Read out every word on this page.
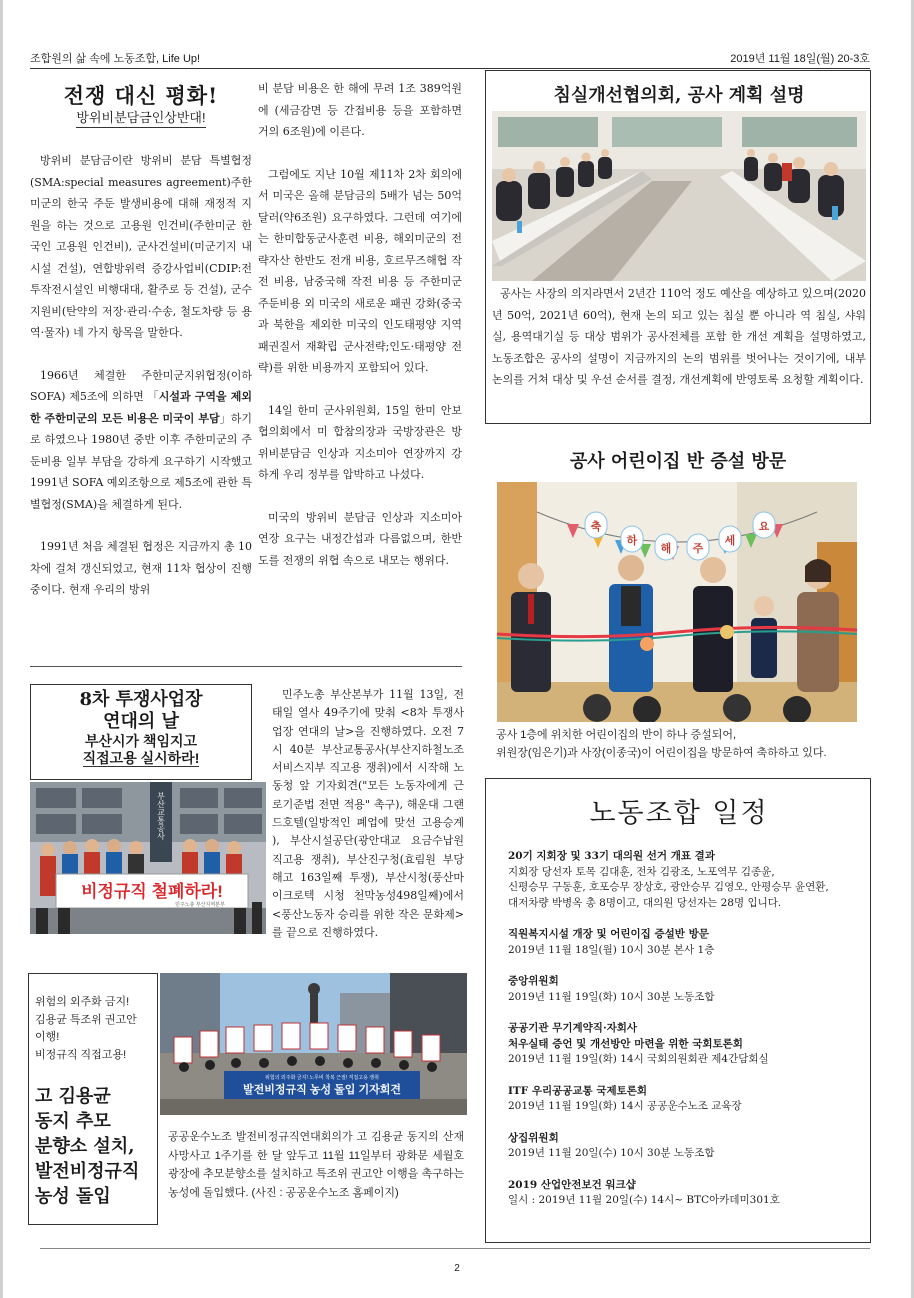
조합원의 삶 속에 노동조합, Life Up!	2019년 11월 18일(월) 20-3호
전쟁 대신 평화!
방위비분담금인상반대!

방위비 분담금이란 방위비 분담 특별협정(SMA:special measures agreement)주한미군의 한국 주둔 발생비용에 대해 재정적 지원을 하는 것으로 고용원 인건비(주한미군 한국인 고용원 인건비), 군사건설비(미군기지 내 시설 건설), 연합방위력 증강사업비(CDIP:전투작전시설인 비행대대, 활주로 등 건설), 군수지원비(탄약의 저장·관리·수송, 철도차량 등 용역·물자) 네 가지 항목을 말한다.

1966년 체결한 주한미군지위협정(이하 SOFA) 제5조에 의하면 「시설과 구역을 제외한 주한미군의 모든 비용은 미국이 부담」하기로 하였으나 1980년 중반 이후 주한미군의 주둔비용 일부 부담을 강하게 요구하기 시작했고 1991년 SOFA 예외조항으로 제5조에 관한 특별협정(SMA)을 체결하게 된다.

1991년 처음 체결된 협정은 지금까지 총 10차에 걸쳐 갱신되었고, 현재 11차 협상이 진행 중이다. 현재 우리의 방위

비 분담 비용은 한 해에 무려 1조 389억원에 (세금감면 등 간접비용 등을 포함하면 거의 6조원)에 이른다.

그럼에도 지난 10월 제11차 2차 회의에서 미국은 올해 분담금의 5배가 넘는 50억달러(약6조원) 요구하였다. 그런데 여기에는 한미합동군사훈련 비용, 해외미군의 전략자산 한반도 전개 비용, 호르무즈해협 작전 비용, 남중국해 작전 비용 등 주한미군 주둔비용 외 미국의 새로운 패권 강화(중국과 북한을 제외한 미국의 인도태평양 지역 패권질서 재확립 군사전략;인도·태평양 전략)를 위한 비용까지 포함되어 있다.

14일 한미 군사위원회, 15일 한미 안보협의회에서 미 합참의장과 국방장관은 방위비분담금 인상과 지소미아 연장까지 강하게 우리 정부를 압박하고 나섰다.

미국의 방위비 분담금 인상과 지소미아 연장 요구는 내정간섭과 다름없으며, 한반도를 전쟁의 위협 속으로 내모는 행위다.

침실개선협의회, 공사 계획 설명
공사는 사장의 의지라면서 2년간 110억 정도 예산을 예상하고 있으며(2020년 50억, 2021년 60억), 현재 논의 되고 있는 침실 뿐 아니라 역 침실, 샤워실, 용역대기실 등 대상 범위가 공사전체를 포함 한 개선 계획을 설명하였고, 노동조합은 공사의 설명이 지금까지의 논의 범위를 벗어나는 것이기에, 내부 논의를 거쳐 대상 및 우선 순서를 결정, 개선계획에 반영토록 요청할 계획이다.
공사 어린이집 반 증설 방문
축
하
해 주
세
요
공사 1층에 위치한 어린이집의 반이 하나 증설되어,
위원장(임은기)과 사장(이종국)이 어린이집을 방문하여 축하하고 있다.
노동조합 일정
20기 지회장 및 33기 대의원 선거 개표 결과
지회장 당선자 토목 김대훈, 전차 김광조, 노포역무 김종윤,
신평승무 구동훈, 호포승무 장상호, 광안승무 김영오, 안평승무 윤연환,
대저차량 박병옥 총 8명이고, 대의원 당선자는 28명 입니다.
직원복지시설 개장 및 어린이집 증설반 방문
2019년 11월 18일(월) 10시 30분 본사 1층
중앙위원회
2019년 11월 19일(화) 10시 30분 노동조합
공공기관 무기계약직·자회사
처우실태 증언 및 개선방안 마련을 위한 국회토론회
2019년 11월 19일(화) 14시 국회의원회관 제4간담회실
ITF 우리공공교통 국제토론회
2019년 11월 19일(화) 14시 공공운수노조 교육장
상집위원회
2019년 11월 20일(수) 10시 30분 노동조합
2019 산업안전보건 워크샵
일시 : 2019년 11월 20일(수) 14시~ BTC아카데미301호
8차 투쟁사업장
연대의 날
부산시가 책임지고
직접고용 실시하라!
부산교통공사
비정규직 철폐하라!
민주노총 부산지역본부
민주노총 부산본부가 11월 13일, 전태일 열사 49주기에 맞춰 <8차 투쟁사업장 연대의 날>을 진행하였다. 오전 7시 40분 부산교통공사(부산지하철노조 서비스지부 직고용 쟁취)에서 시작해 노동청 앞 기자회견("모든 노동자에게 근로기준법 전면 적용" 촉구), 해운대 그랜드호텔(일방적인 폐업에 맞선 고용승계 ), 부산시설공단(광안대교 요금수납원 직고용 쟁취), 부산진구청(효림원 부당해고 163일째 투쟁), 부산시청(풍산마이크로텍 시청 천막농성498일째)에서 <풍산노동자 승리를 위한 작은 문화제>를 끝으로 진행하였다.
위험의 외주화 금지!
김용균 특조위 권고안
이행!
비정규직 직접고용!
고 김용균
동지 추모
분향소 설치,
발전비정규직
농성 돌입
위험의 외주화 금지! 노무비 착복 근절! 직접고용 쟁취
발전비정규직 농성 돌입 기자회견
공공운수노조 발전비정규직연대회의가 고 김용균 동지의 산재 사망사고 1주기를 한 달 앞두고 11월 11일부터 광화문 세월호 광장에 추모분향소를 설치하고 특조위 권고안 이행을 촉구하는 농성에 돌입했다. (사진 : 공공운수노조 홈페이지)
2
